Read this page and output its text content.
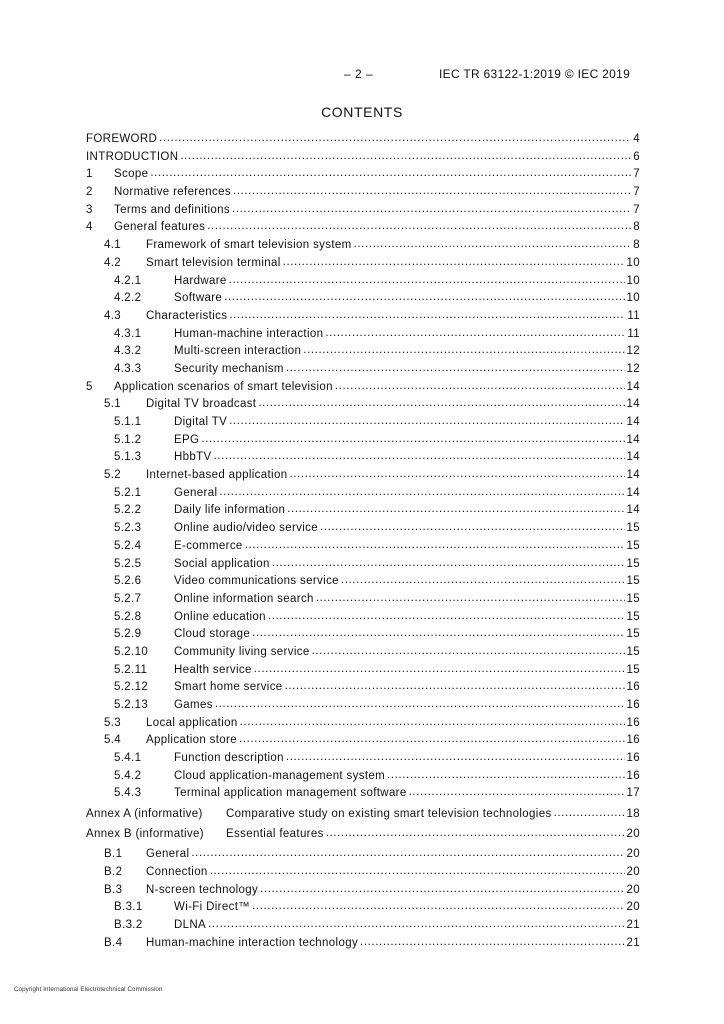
– 2 –	IEC TR 63122-1:2019 © IEC 2019
CONTENTS
FOREWORD .....	4
INTRODUCTION .....	6
1	Scope .....	7
2	Normative references .....	7
3	Terms and definitions .....	7
4	General features .....	8
4.1	Framework of smart television system .....	8
4.2	Smart television terminal .....	10
4.2.1	Hardware .....	10
4.2.2	Software .....	10
4.3	Characteristics .....	11
4.3.1	Human-machine interaction .....	11
4.3.2	Multi-screen interaction .....	12
4.3.3	Security mechanism .....	12
5	Application scenarios of smart television .....	14
5.1	Digital TV broadcast .....	14
5.1.1	Digital TV .....	14
5.1.2	EPG .....	14
5.1.3	HbbTV .....	14
5.2	Internet-based application .....	14
5.2.1	General .....	14
5.2.2	Daily life information .....	14
5.2.3	Online audio/video service .....	15
5.2.4	E-commerce .....	15
5.2.5	Social application .....	15
5.2.6	Video communications service .....	15
5.2.7	Online information search .....	15
5.2.8	Online education .....	15
5.2.9	Cloud storage .....	15
5.2.10	Community living service .....	15
5.2.11	Health service .....	15
5.2.12	Smart home service .....	16
5.2.13	Games .....	16
5.3	Local application .....	16
5.4	Application store .....	16
5.4.1	Function description .....	16
5.4.2	Cloud application-management system .....	16
5.4.3	Terminal application management software .....	17
Annex A (informative)	Comparative study on existing smart television technologies .....	18
Annex B (informative)	Essential features .....	20
B.1	General .....	20
B.2	Connection .....	20
B.3	N-screen technology .....	20
B.3.1	Wi-Fi Direct™ .....	20
B.3.2	DLNA .....	21
B.4	Human-machine interaction technology .....	21
Copyright International Electrotechnical Commission
